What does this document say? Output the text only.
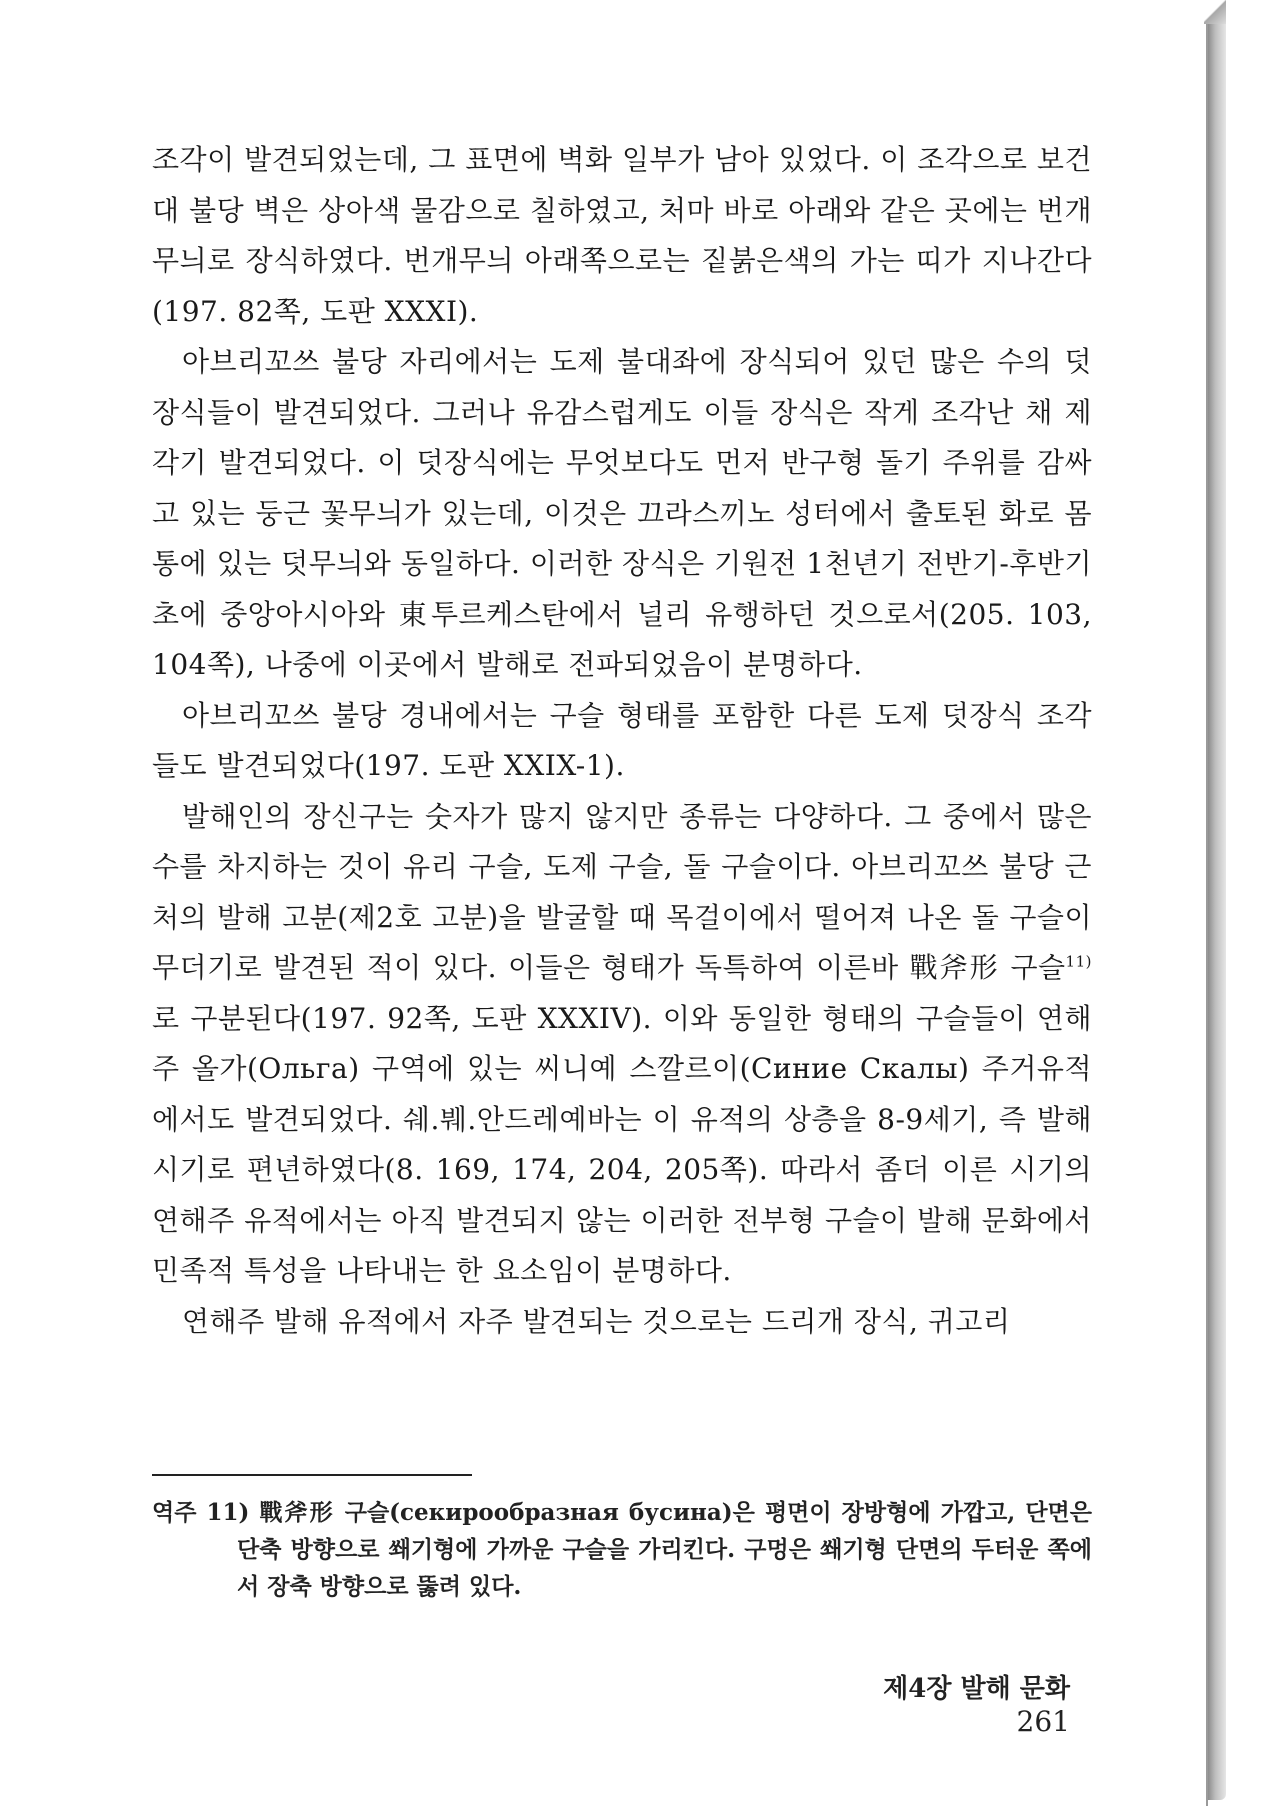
조각이 발견되었는데, 그 표면에 벽화 일부가 남아 있었다. 이 조각으로 보건대 불당 벽은 상아색 물감으로 칠하였고, 처마 바로 아래와 같은 곳에는 번개무늬로 장식하였다. 번개무늬 아래쪽으로는 짙붉은색의 가는 띠가 지나간다(197. 82쪽, 도판 XXXI).

아브리꼬쓰 불당 자리에서는 도제 불대좌에 장식되어 있던 많은 수의 덧장식들이 발견되었다. 그러나 유감스럽게도 이들 장식은 작게 조각난 채 제각기 발견되었다. 이 덧장식에는 무엇보다도 먼저 반구형 돌기 주위를 감싸고 있는 둥근 꽃무늬가 있는데, 이것은 끄라스끼노 성터에서 출토된 화로 몸통에 있는 덧무늬와 동일하다. 이러한 장식은 기원전 1천년기 전반기-후반기 초에 중앙아시아와 東투르케스탄에서 널리 유행하던 것으로서(205. 103, 104쪽), 나중에 이곳에서 발해로 전파되었음이 분명하다.

아브리꼬쓰 불당 경내에서는 구슬 형태를 포함한 다른 도제 덧장식 조각들도 발견되었다(197. 도판 XXIX-1).

발해인의 장신구는 숫자가 많지 않지만 종류는 다양하다. 그 중에서 많은 수를 차지하는 것이 유리 구슬, 도제 구슬, 돌 구슬이다. 아브리꼬쓰 불당 근처의 발해 고분(제2호 고분)을 발굴할 때 목걸이에서 떨어져 나온 돌 구슬이 무더기로 발견된 적이 있다. 이들은 형태가 독특하여 이른바 戰斧形 구슬$^{11)}$로 구분된다(197. 92쪽, 도판 XXXIV). 이와 동일한 형태의 구슬들이 연해주 올가(Ольга) 구역에 있는 씨니예 스깔르이(Синие Скалы) 주거유적에서도 발견되었다. 쉐.붸.안드레예바는 이 유적의 상층을 8-9세기, 즉 발해시기로 편년하였다(8. 169, 174, 204, 205쪽). 따라서 좀더 이른 시기의 연해주 유적에서는 아직 발견되지 않는 이러한 전부형 구슬이 발해 문화에서 민족적 특성을 나타내는 한 요소임이 분명하다.

연해주 발해 유적에서 자주 발견되는 것으로는 드리개 장식, 귀고리

역주 11) 戰斧形 구슬(секирообразная бусина)은 평면이 장방형에 가깝고, 단면은 단축 방향으로 쐐기형에 가까운 구슬을 가리킨다. 구멍은 쐐기형 단면의 두터운 쪽에서 장축 방향으로 뚫려 있다.
제4장 발해 문화261
